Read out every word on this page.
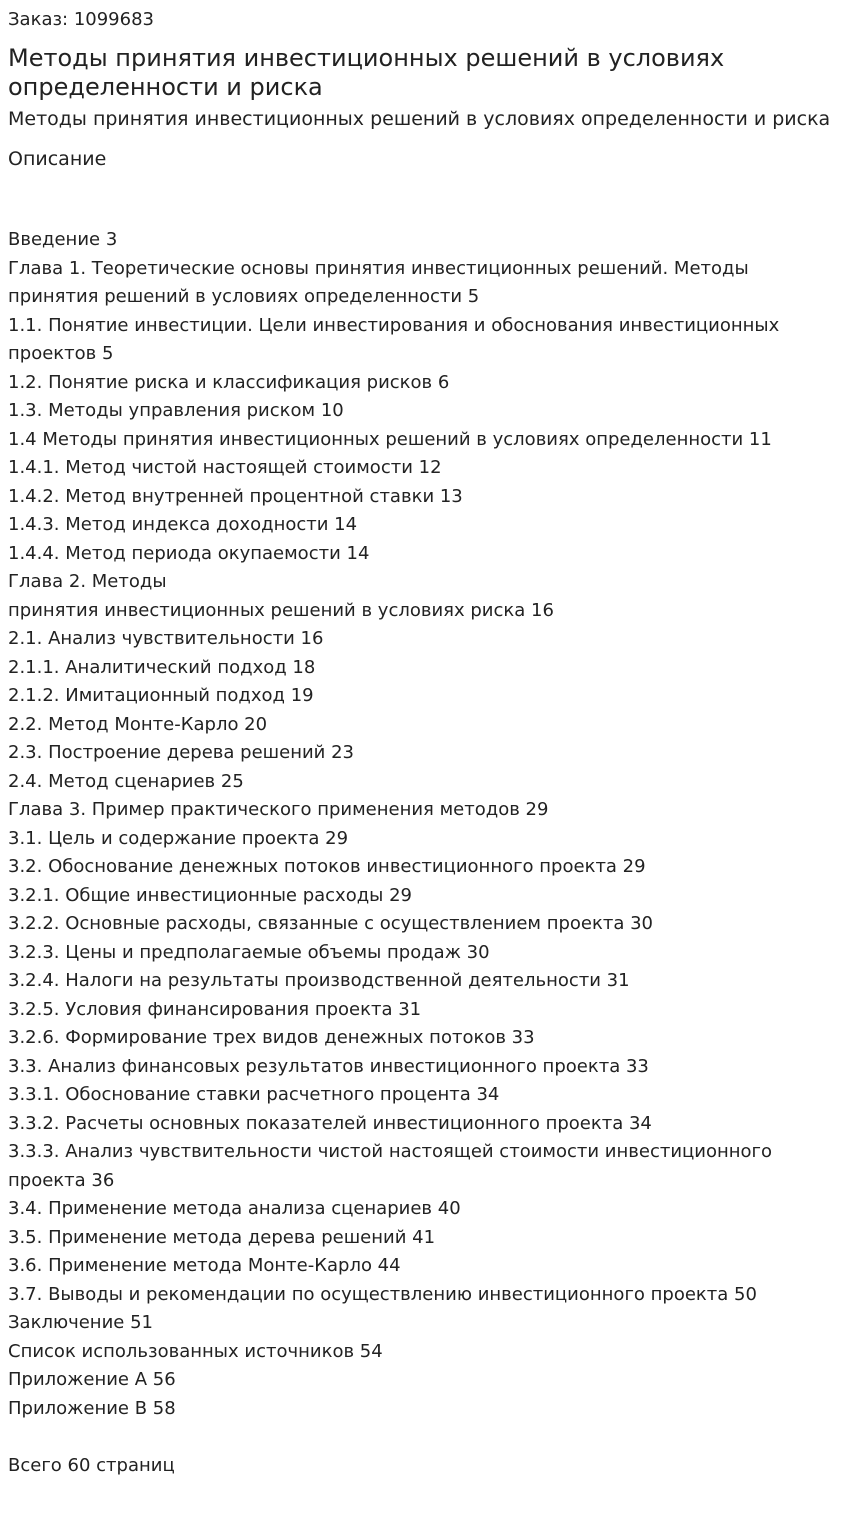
Заказ: 1099683
Методы принятия инвестиционных решений в условиях определенности и риска
Методы принятия инвестиционных решений в условиях определенности и риска
Описание
Введение 3
Глава 1. Теоретические основы принятия инвестиционных решений. Методы принятия решений в условиях определенности 5
1.1. Понятие инвестиции. Цели инвестирования и обоснования инвестиционных проектов 5
1.2. Понятие риска и классификация рисков 6
1.3. Методы управления риском 10
1.4 Методы принятия инвестиционных решений в условиях определенности 11
1.4.1. Метод чистой настоящей стоимости 12
1.4.2. Метод внутренней процентной ставки 13
1.4.3. Метод индекса доходности 14
1.4.4. Метод периода окупаемости 14
Глава 2. Методы
принятия инвестиционных решений в условиях риска 16
2.1. Анализ чувствительности 16
2.1.1. Аналитический подход 18
2.1.2. Имитационный подход 19
2.2. Метод Монте-Карло 20
2.3. Построение дерева решений 23
2.4. Метод сценариев 25
Глава 3. Пример практического применения методов 29
3.1. Цель и содержание проекта 29
3.2. Обоснование денежных потоков инвестиционного проекта 29
3.2.1. Общие инвестиционные расходы 29
3.2.2. Основные расходы, связанные с осуществлением проекта 30
3.2.3. Цены и предполагаемые объемы продаж 30
3.2.4. Налоги на результаты производственной деятельности 31
3.2.5. Условия финансирования проекта 31
3.2.6. Формирование трех видов денежных потоков 33
3.3. Анализ финансовых результатов инвестиционного проекта 33
3.3.1. Обоснование ставки расчетного процента 34
3.3.2. Расчеты основных показателей инвестиционного проекта 34
3.3.3. Анализ чувствительности чистой настоящей стоимости инвестиционного проекта 36
3.4. Применение метода анализа сценариев 40
3.5. Применение метода дерева решений 41
3.6. Применение метода Монте-Карло 44
3.7. Выводы и рекомендации по осуществлению инвестиционного проекта 50
Заключение 51
Список использованных источников 54
Приложение А 56
Приложение В 58
Всего 60 страниц
